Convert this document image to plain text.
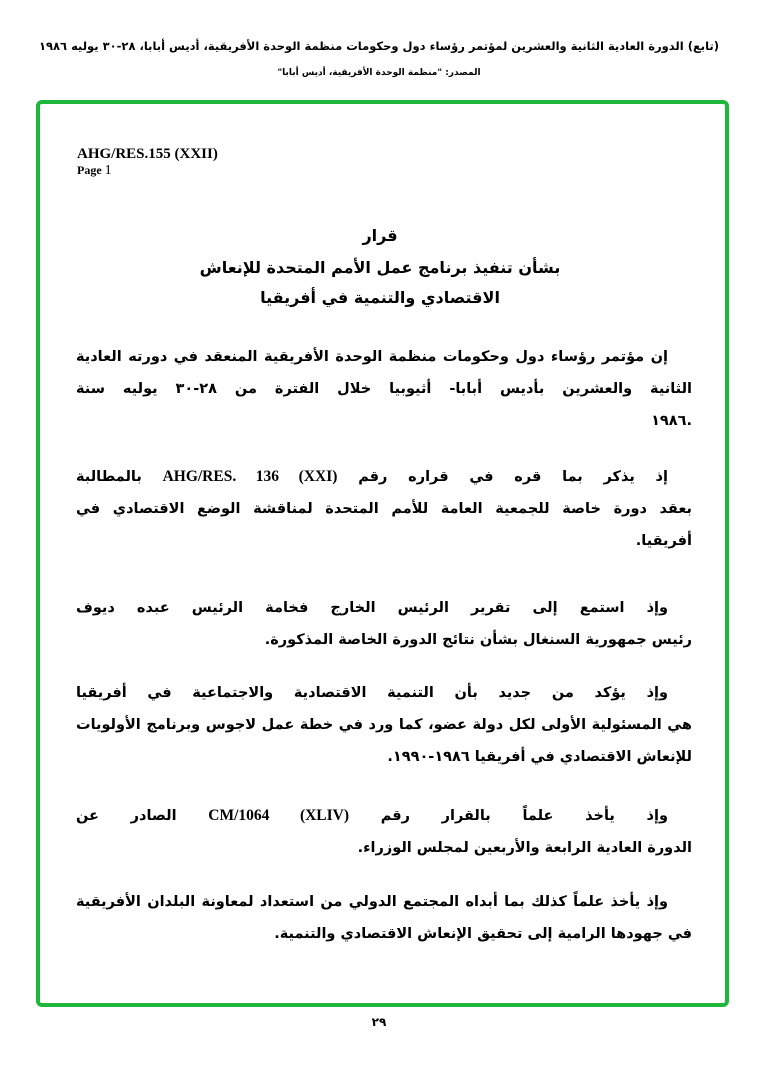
(تابع) الدورة العادية الثانية والعشرين لمؤتمر رؤساء دول وحكومات منظمة الوحدة الأفريقية، أديس أبابا، ٢٨-٣٠ يوليه ١٩٨٦
المصدر: "منظمة الوحدة الأفريقية، أديس أبابا"
AHG/RES.155 (XXII)
Page 1
قرار
بشأن تنفيذ برنامج عمل الأمم المتحدة للإنعاش
الاقتصادي والتنمية في أفريقيا
إن مؤتمر رؤساء دول وحكومات منظمة الوحدة الأفريقية المنعقد في دورته العادية
الثانية والعشرين بأديس أبابا- أثيوبيا خلال الفترة من ٢٨-٣٠ يوليه سنة
.١٩٨٦
إذ يذكر بما قره في قراره رقم AHG/RES. 136 (XXI) بالمطالبة
بعقد دورة خاصة للجمعية العامة للأمم المتحدة لمناقشة الوضع الاقتصادي في
أفريقيا.
وإذ استمع إلى تقرير الرئيس الخارج فخامة الرئيس عبده ديوف
رئيس جمهورية السنغال بشأن نتائج الدورة الخاصة المذكورة.
وإذ يؤكد من جديد بأن التنمية الاقتصادية والاجتماعية في أفريقيا
هي المسئولية الأولى لكل دولة عضو، كما ورد في خطة عمل لاجوس وبرنامج الأولويات
للإنعاش الاقتصادي في أفريقيا ١٩٨٦-١٩٩٠.
وإذ يأخذ علماً بالقرار رقم CM/1064 (XLIV) الصادر عن
الدورة العادية الرابعة والأربعين لمجلس الوزراء.
وإذ يأخذ علماً كذلك بما أبداه المجتمع الدولي من استعداد لمعاونة البلدان الأفريقية
في جهودها الرامية إلى تحقيق الإنعاش الاقتصادي والتنمية.
٢٩
